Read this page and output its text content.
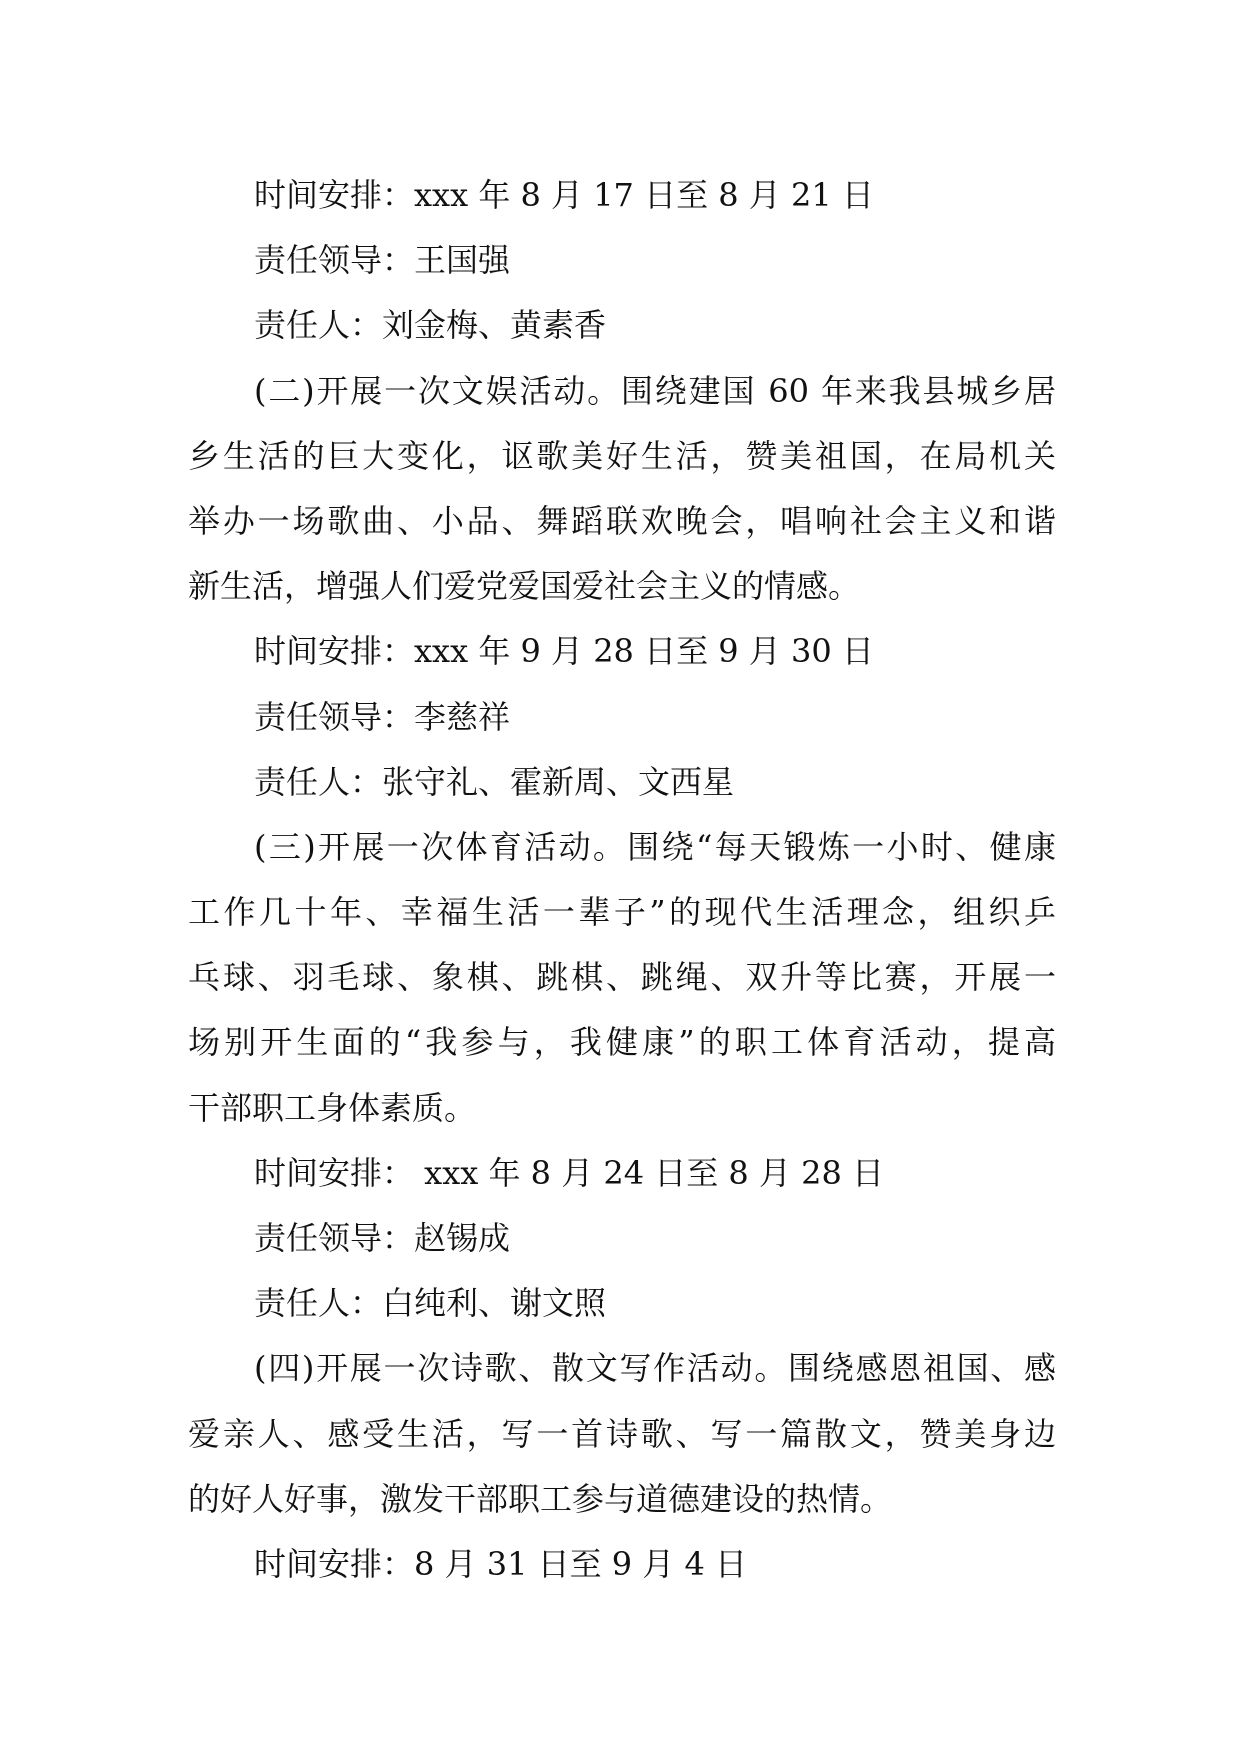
时间安排：xxx 年 8 月 17 日至 8 月 21 日
责任领导：王国强
责任人：刘金梅、黄素香
(二)开展一次文娱活动。围绕建国 60 年来我县城乡居
乡生活的巨大变化，讴歌美好生活，赞美祖国，在局机关
举办一场歌曲、小品、舞蹈联欢晚会，唱响社会主义和谐
新生活，增强人们爱党爱国爱社会主义的情感。
时间安排：xxx 年 9 月 28 日至 9 月 30 日
责任领导：李慈祥
责任人：张守礼、霍新周、文西星
(三)开展一次体育活动。围绕“每天锻炼一小时、健康
工作几十年、幸福生活一辈子”的现代生活理念，组织乒
乓球、羽毛球、象棋、跳棋、跳绳、双升等比赛，开展一
场别开生面的“我参与，我健康”的职工体育活动，提高
干部职工身体素质。
时间安排： xxx 年 8 月 24 日至 8 月 28 日
责任领导：赵锡成
责任人：白纯利、谢文照
(四)开展一次诗歌、散文写作活动。围绕感恩祖国、感
爱亲人、感受生活，写一首诗歌、写一篇散文，赞美身边
的好人好事，激发干部职工参与道德建设的热情。
时间安排：8 月 31 日至 9 月 4 日
